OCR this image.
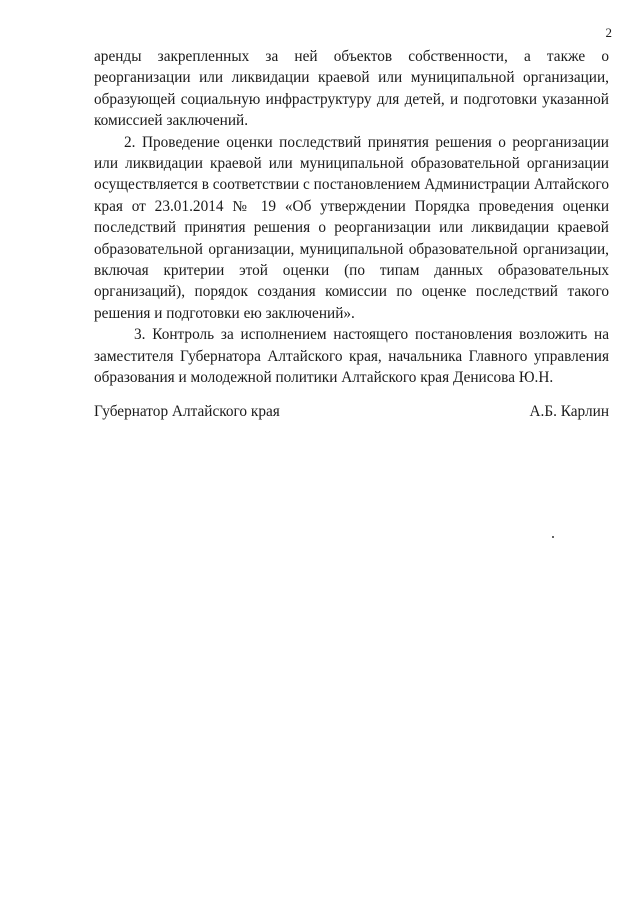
2

аренды закрепленных за ней объектов собственности, а также о реорганизации или ликвидации краевой или муниципальной организации, образующей социальную инфраструктуру для детей, и подготовки указанной комиссией заключений.

2. Проведение оценки последствий принятия решения о реорганизации или ликвидации краевой или муниципальной образовательной организации осуществляется в соответствии с постановлением Администрации Алтайского края от 23.01.2014 № 19 «Об утверждении Порядка проведения оценки последствий принятия решения о реорганизации или ликвидации краевой образовательной организации, муниципальной образовательной организации, включая критерии этой оценки (по типам данных образовательных организаций), порядок создания комиссии по оценке последствий такого решения и подготовки ею заключений».

3. Контроль за исполнением настоящего постановления возложить на заместителя Губернатора Алтайского края, начальника Главного управления образования и молодежной политики Алтайского края Денисова Ю.Н.

Губернатор Алтайского края	А.Б. Карлин
